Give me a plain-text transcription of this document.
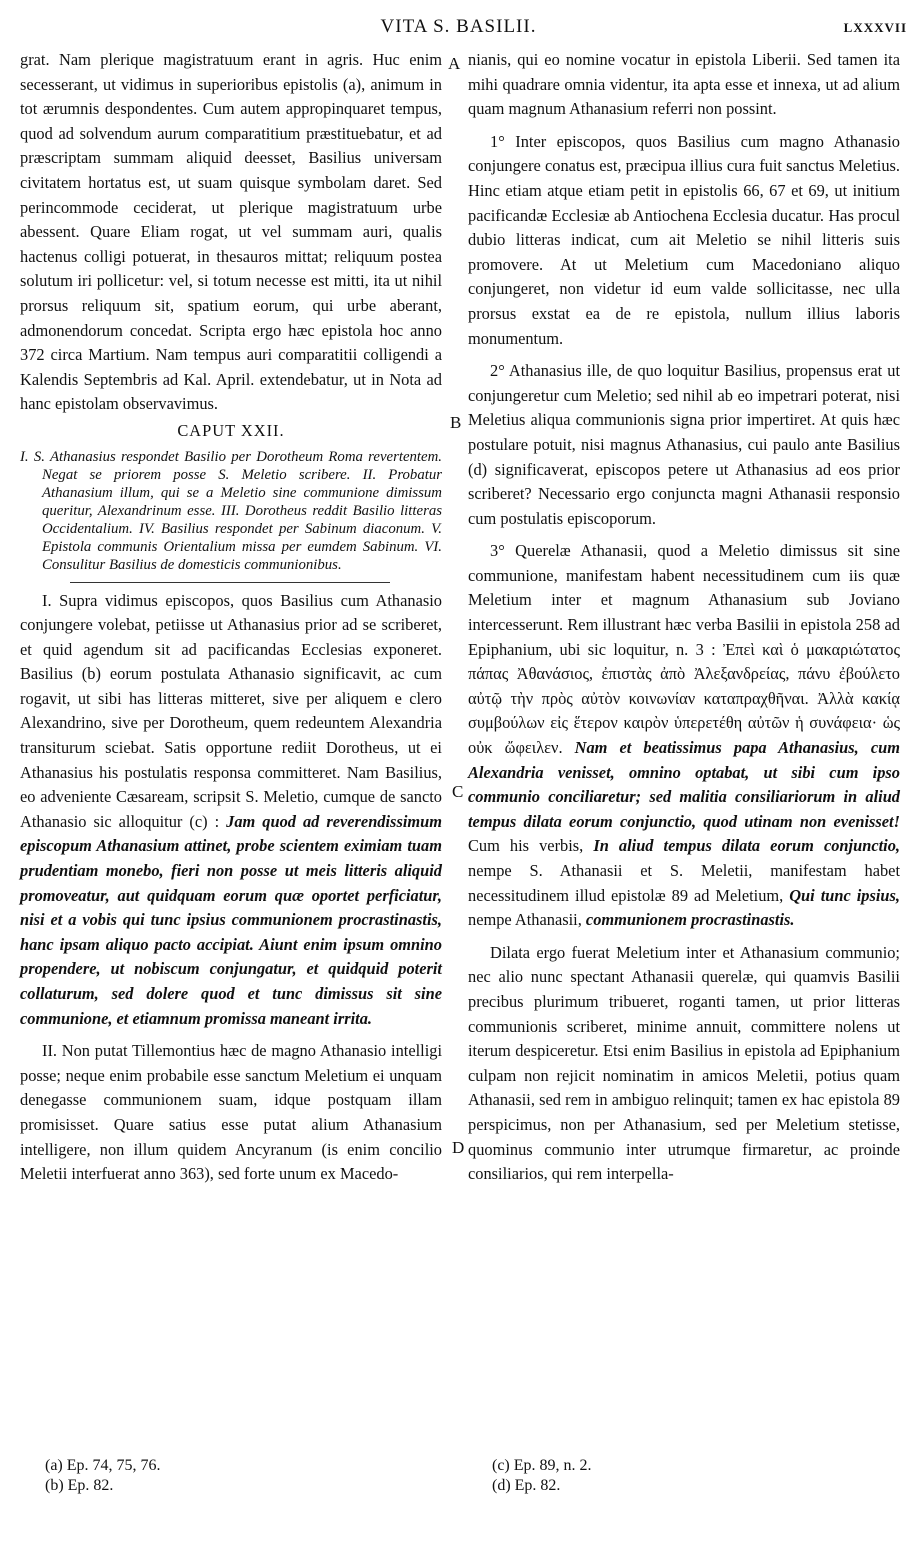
VITA S. BASILII.	LXXXVII

grat. Nam plerique magistratuum erant in agris. Huc enim secesserant, ut vidimus in superioribus epistolis (a), animum in tot ærumnis despondentes. Cum autem appropinquaret tempus, quod ad solvendum aurum comparatitium præstituebatur, et ad præscriptam summam aliquid deesset, Basilius universam civitatem hortatus est, ut suam quisque symbolam daret. Sed perincommode ceciderat, ut plerique magistratuum urbe abessent. Quare Eliam rogat, ut vel summam auri, qualis hactenus colligi potuerat, in thesauros mittat; reliquum postea solutum iri pollicetur: vel, si totum necesse est mitti, ita ut nihil prorsus reliquum sit, spatium eorum, qui urbe aberant, admonendorum concedat. Scripta ergo hæc epistola hoc anno 372 circa Martium. Nam tempus auri comparatitii colligendi a Kalendis Septembris ad Kal. April. extendebatur, ut in Nota ad hanc epistolam observavimus.

CAPUT XXII.

I. S. Athanasius respondet Basilio per Dorotheum Roma revertentem. Negat se priorem posse S. Meletio scribere. II. Probatur Athanasium illum, qui se a Meletio sine communione dimissum queritur, Alexandrinum esse. III. Dorotheus reddit Basilio litteras Occidentalium. IV. Basilius respondet per Sabinum diaconum. V. Epistola communis Orientalium missa per eumdem Sabinum. VI. Consulitur Basilius de domesticis communionibus.

I. Supra vidimus episcopos, quos Basilius cum Athanasio conjungere volebat, petiisse ut Athanasius prior ad se scriberet, et quid agendum sit ad pacificandas Ecclesias exponeret. Basilius (b) eorum postulata Athanasio significavit, ac cum rogavit, ut sibi has litteras mitteret, sive per aliquem e clero Alexandrino, sive per Dorotheum, quem redeuntem Alexandria transiturum sciebat. Satis opportune rediit Dorotheus, ut ei Athanasius his postulatis responsa committeret. Nam Basilius, eo adveniente Cæsaream, scripsit S. Meletio, cumque de sancto Athanasio sic alloquitur (c) : Jam quod ad reverendissimum episcopum Athanasium attinet, probe scientem eximiam tuam prudentiam monebo, fieri non posse ut meis litteris aliquid promoveatur, aut quidquam eorum quæ oportet perficiatur, nisi et a vobis qui tunc ipsius communionem procrastinastis, hanc ipsam aliquo pacto accipiat. Aiunt enim ipsum omnino propendere, ut nobiscum conjungatur, et quidquid poterit collaturum, sed dolere quod et tunc dimissus sit sine communione, et etiamnum promissa maneant irrita.

II. Non putat Tillemontius hæc de magno Athanasio intelligi posse; neque enim probabile esse sanctum Meletium ei unquam denegasse communionem suam, idque postquam illam promisisset. Quare satius esse putat alium Athanasium intelligere, non illum quidem Ancyranum (is enim concilio Meletii interfuerat anno 363), sed forte unum ex Macedo-

nianis, qui eo nomine vocatur in epistola Liberii. Sed tamen ita mihi quadrare omnia videntur, ita apta esse et innexa, ut ad alium quam magnum Athanasium referri non possint.

1° Inter episcopos, quos Basilius cum magno Athanasio conjungere conatus est, præcipua illius cura fuit sanctus Meletius. Hinc etiam atque etiam petit in epistolis 66, 67 et 69, ut initium pacificandæ Ecclesiæ ab Antiochena Ecclesia ducatur. Has procul dubio litteras indicat, cum ait Meletio se nihil litteris suis promovere. At ut Meletium cum Macedoniano aliquo conjungeret, non videtur id eum valde sollicitasse, nec ulla prorsus exstat ea de re epistola, nullum illius laboris monumentum.

2° Athanasius ille, de quo loquitur Basilius, propensus erat ut conjungeretur cum Meletio; sed nihil ab eo impetrari poterat, nisi Meletius aliqua communionis signa prior impertiret. At quis hæc postulare potuit, nisi magnus Athanasius, cui paulo ante Basilius (d) significaverat, episcopos petere ut Athanasius ad eos prior scriberet? Necessario ergo conjuncta magni Athanasii responsio cum postulatis episcoporum.

3° Querelæ Athanasii, quod a Meletio dimissus sit sine communione, manifestam habent necessitudinem cum iis quæ Meletium inter et magnum Athanasium sub Joviano intercesserunt. Rem illustrant hæc verba Basilii in epistola 258 ad Epiphanium, ubi sic loquitur, n. 3 : Ἐπεὶ καὶ ὁ μακαριώτατος πάπας Ἀθανάσιος, ἐπιστὰς ἀπὸ Ἀλεξανδρείας, πάνυ ἐβούλετο αὐτῷ τὴν πρὸς αὐτὸν κοινωνίαν καταπραχθῆναι. Ἀλλὰ κακίᾳ συμβούλων εἰς ἕτερον καιρὸν ὑπερετέθη αὐτῶν ἡ συνάφεια· ὡς οὐκ ὤφειλεν. Nam et beatissimus papa Athanasius, cum Alexandria venisset, omnino optabat, ut sibi cum ipso communio conciliaretur; sed malitia consiliariorum in aliud tempus dilata eorum conjunctio, quod utinam non evenisset! Cum his verbis, In aliud tempus dilata eorum conjunctio, nempe S. Athanasii et S. Meletii, manifestam habet necessitudinem illud epistolæ 89 ad Meletium, Qui tunc ipsius, nempe Athanasii, communionem procrastinastis.

Dilata ergo fuerat Meletium inter et Athanasium communio; nec alio nunc spectant Athanasii querelæ, qui quamvis Basilii precibus plurimum tribueret, roganti tamen, ut prior litteras communionis scriberet, minime annuit, committere nolens ut iterum despiceretur. Etsi enim Basilius in epistola ad Epiphanium culpam non rejicit nominatim in amicos Meletii, potius quam Athanasii, sed rem in ambiguo relinquit; tamen ex hac epistola 89 perspicimus, non per Athanasium, sed per Meletium stetisse, quominus communio inter utrumque firmaretur, ac proinde consiliarios, qui rem interpella-

A
B
C
D
(a) Ep. 74, 75, 76.
(b) Ep. 82.
(c) Ep. 89, n. 2.
(d) Ep. 82.
